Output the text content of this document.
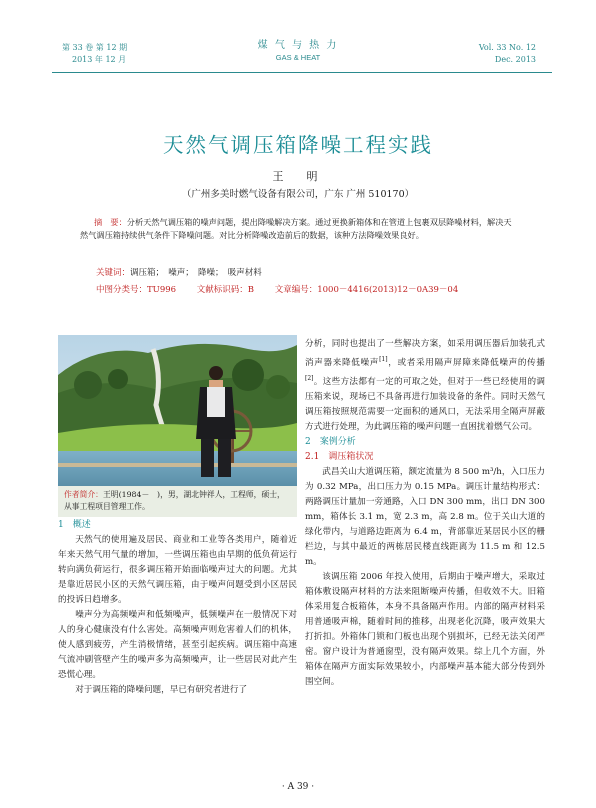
第 33 卷 第 12 期
2013 年 12 月
煤 气 与 热 力
GAS & HEAT
Vol. 33 No. 12
Dec. 2013
天然气调压箱降噪工程实践
王　明
（广州多美时燃气设备有限公司，广东 广州 510170）
摘　要：分析天然气调压箱的噪声问题，提出降噪解决方案。通过更换新箱体和在管道上包裹双层降噪材料，解决天然气调压箱持续供气条件下降噪问题。对比分析降噪改造前后的数据，该种方法降噪效果良好。
关键词：调压箱；　噪声；　降噪；　吸声材料
中图分类号：TU996 文献标识码：B 文章编号：1000－4416(2013)12－0A39－04
作者简介：王明(1984－　)，男，湖北钟祥人，工程师，硕士，从事工程项目管理工作。
1　概述

天然气的使用遍及居民、商业和工业等各类用户，随着近年来天然气用气量的增加，一些调压箱也由早期的低负荷运行转向满负荷运行，很多调压箱开始面临噪声过大的问题。尤其是靠近居民小区的天然气调压箱，由于噪声问题受到小区居民的投诉日趋增多。

噪声分为高频噪声和低频噪声，低频噪声在一般情况下对人的身心健康没有什么害处。高频噪声则危害着人们的机体，使人感到疲劳，产生消极情绪，甚至引起疾病。调压箱中高速气流冲刷管壁产生的噪声多为高频噪声，让一些居民对此产生恐慌心理。

对于调压箱的降噪问题，早已有研究者进行了

分析，同时也提出了一些解决方案，如采用调压器后加装孔式消声器来降低噪声[1]，或者采用隔声屏障来降低噪声的传播[2]。这些方法都有一定的可取之处，但对于一些已经使用的调压箱来说，现场已不具备再进行加装设备的条件。同时天然气调压箱按照规范需要一定面积的通风口，无法采用全隔声屏蔽方式进行处理，为此调压箱的噪声问题一直困扰着燃气公司。

2　案例分析
2.1　调压箱状况

武昌关山大道调压箱，额定流量为 8 500 m³/h，入口压力为 0.32 MPa，出口压力为 0.15 MPa。调压计量结构形式：两路调压计量加一旁通路，入口 DN 300 mm，出口 DN 300 mm，箱体长 3.1 m，宽 2.3 m，高 2.8 m。位于关山大道的绿化带内，与道路边距离为 6.4 m，背部靠近某居民小区的栅栏边，与其中最近的两栋居民楼直线距离为 11.5 m 和 12.5 m。

该调压箱 2006 年投入使用，后期由于噪声增大，采取过箱体敷设隔声材料的方法来阻断噪声传播，但收效不大。旧箱体采用复合板箱体，本身不具备隔声作用。内部的隔声材料采用普通吸声棉，随着时间的推移，出现老化沉降，吸声效果大打折扣。外箱体门锁和门板也出现个别损坏，已经无法关闭严密。窗户设计为普通窗型，没有隔声效果。综上几个方面，外箱体在隔声方面实际效果较小，内部噪声基本能大部分传到外围空间。

· A 39 ·
